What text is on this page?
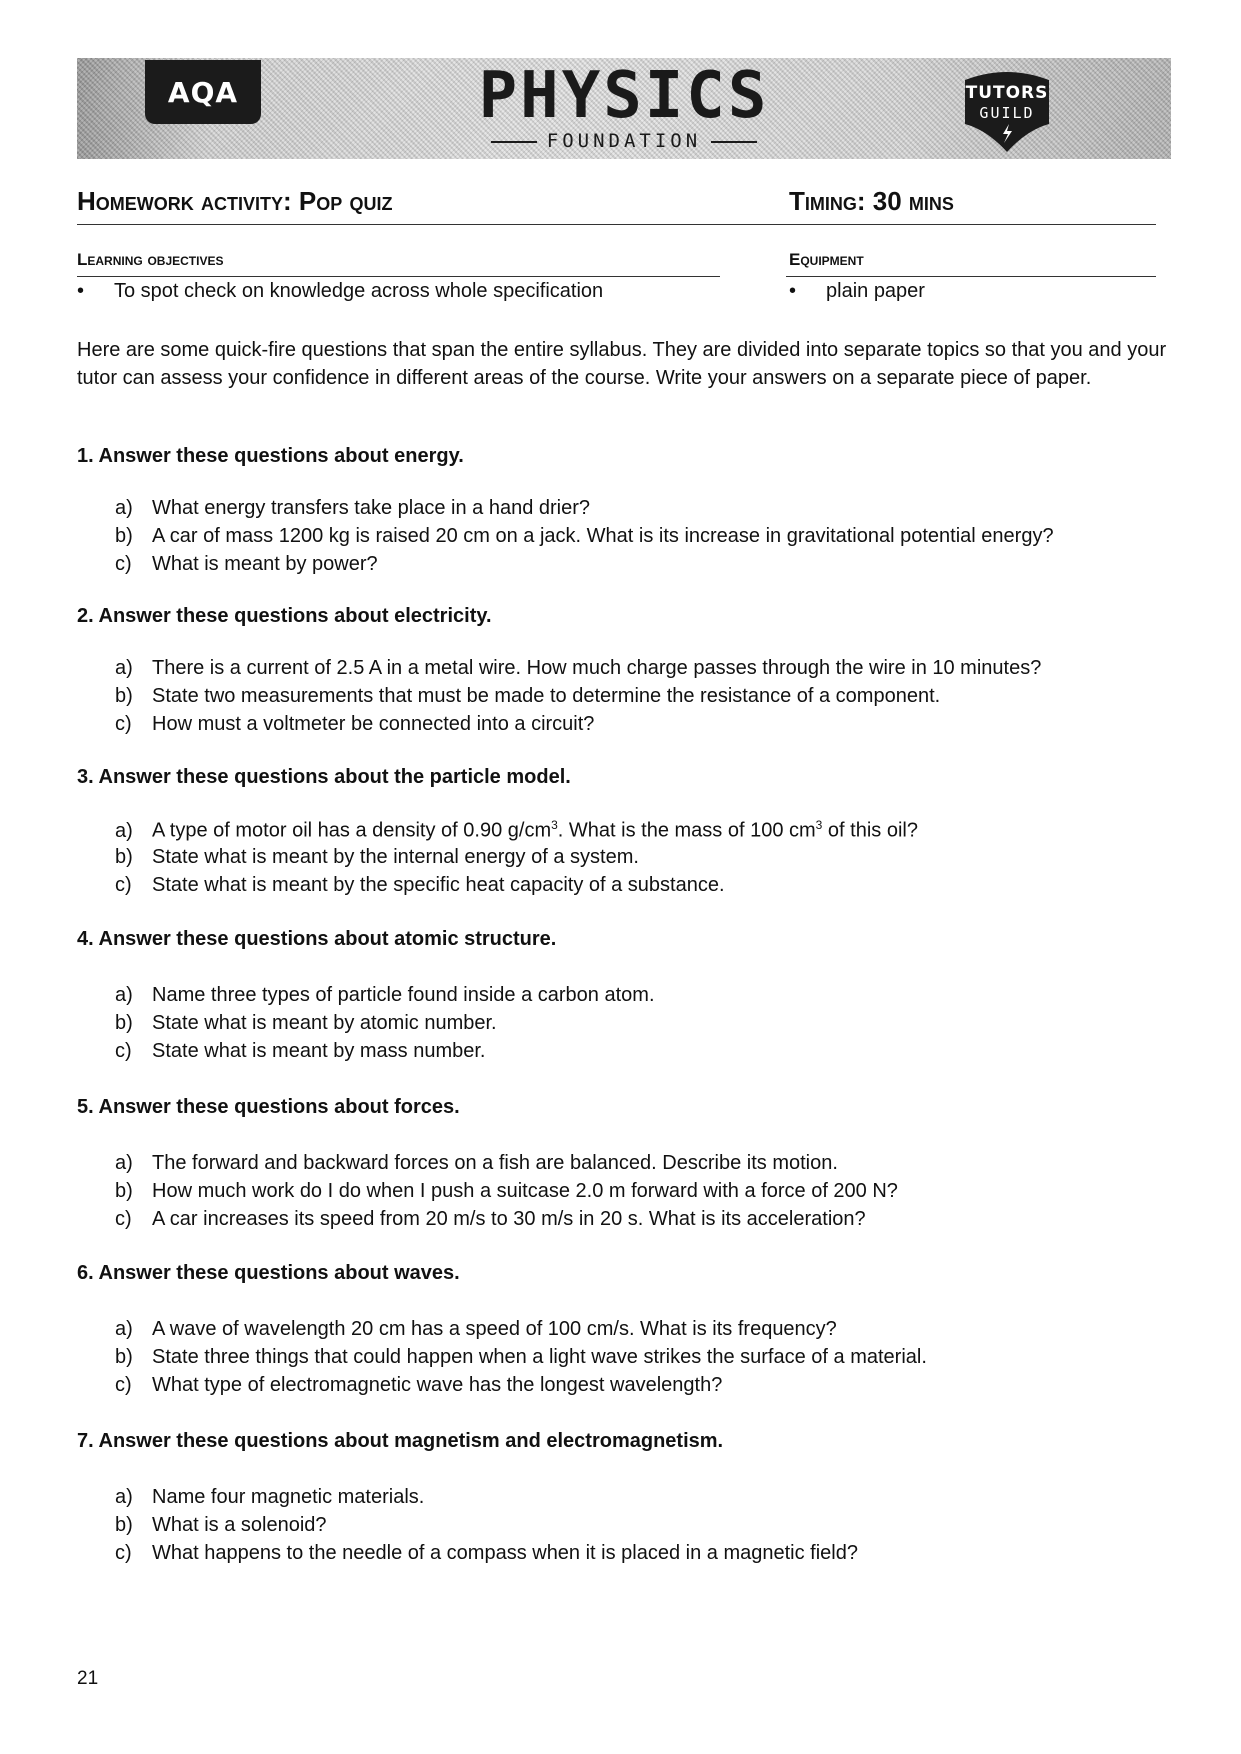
AQA	PHYSICS
FOUNDATION
TUTORS
GUILD
Homework activity: Pop quiz	Timing: 30 mins
Learning objectives	Equipment
• To spot check on knowledge across whole specification	• plain paper
Here are some quick-fire questions that span the entire syllabus. They are divided into separate topics so that you and your tutor can assess your confidence in different areas of the course. Write your answers on a separate piece of paper.
1. Answer these questions about energy.
a) What energy transfers take place in a hand drier?
b) A car of mass 1200 kg is raised 20 cm on a jack. What is its increase in gravitational potential energy?
c) What is meant by power?
2. Answer these questions about electricity.
a) There is a current of 2.5 A in a metal wire. How much charge passes through the wire in 10 minutes?
b) State two measurements that must be made to determine the resistance of a component.
c) How must a voltmeter be connected into a circuit?
3. Answer these questions about the particle model.
a) A type of motor oil has a density of 0.90 $g/cm^3$. What is the mass of 100 $cm^3$ of this oil?
b) State what is meant by the internal energy of a system.
c) State what is meant by the specific heat capacity of a substance.
4. Answer these questions about atomic structure.
a) Name three types of particle found inside a carbon atom.
b) State what is meant by atomic number.
c) State what is meant by mass number.
5. Answer these questions about forces.
a) The forward and backward forces on a fish are balanced. Describe its motion.
b) How much work do I do when I push a suitcase 2.0 m forward with a force of 200 N?
c) A car increases its speed from 20 m/s to 30 m/s in 20 s. What is its acceleration?
6. Answer these questions about waves.
a) A wave of wavelength 20 cm has a speed of 100 cm/s. What is its frequency?
b) State three things that could happen when a light wave strikes the surface of a material.
c) What type of electromagnetic wave has the longest wavelength?
7. Answer these questions about magnetism and electromagnetism.
a) Name four magnetic materials.
b) What is a solenoid?
c) What happens to the needle of a compass when it is placed in a magnetic field?
21
